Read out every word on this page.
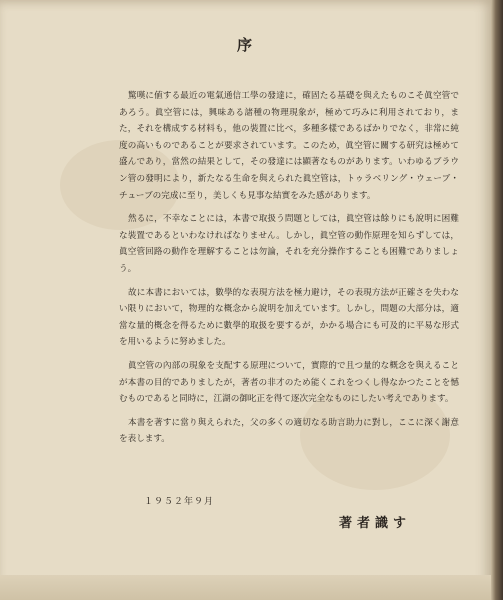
序

驚嘆に値する最近の電氣通信工學の發達に，確固たる基礎を與えたものこそ眞空管であろう。眞空管には，興味ある諸種の物理現象が，極めて巧みに利用されており，また，それを構成する材料も，他の裝置に比べ，多種多樣であるばかりでなく，非常に純度の高いものであることが要求されています。このため，眞空管に關する研究は極めて盛んであり，當然の結果として，その發達には顯著なものがあります。いわゆるブラウン管の發明により，新たなる生命を與えられた眞空管は，トゥラベリング・ウェーブ・チューブの完成に至り，美しくも見事な結實をみた感があります。

然るに，不幸なことには，本書で取扱う問題としては，眞空管は餘りにも說明に困難な裝置であるといわなければなりません。しかし，眞空管の動作原理を知らずしては，眞空管回路の動作を理解することは勿論，それを充分操作することも困難でありましょう。

故に本書においては，數學的な表現方法を極力避け，その表現方法が正確さを失わない限りにおいて，物理的な概念から說明を加えています。しかし，問題の大部分は，適當な量的概念を得るために數學的取扱を要するが，かかる場合にも可及的に平易な形式を用いるように努めました。

眞空管の內部の現象を支配する原理について，實際的で且つ量的な概念を與えることが本書の目的でありましたが，著者の非才のため能くこれをつくし得なかつたことを憾むものであると同時に，江湖の御叱正を得て逐次完全なものにしたい考えであります。

本書を著すに當り與えられた，父の多くの適切なる助言助力に對し，ここに深く謝意を表します。

１９５２年９月
著者識す
